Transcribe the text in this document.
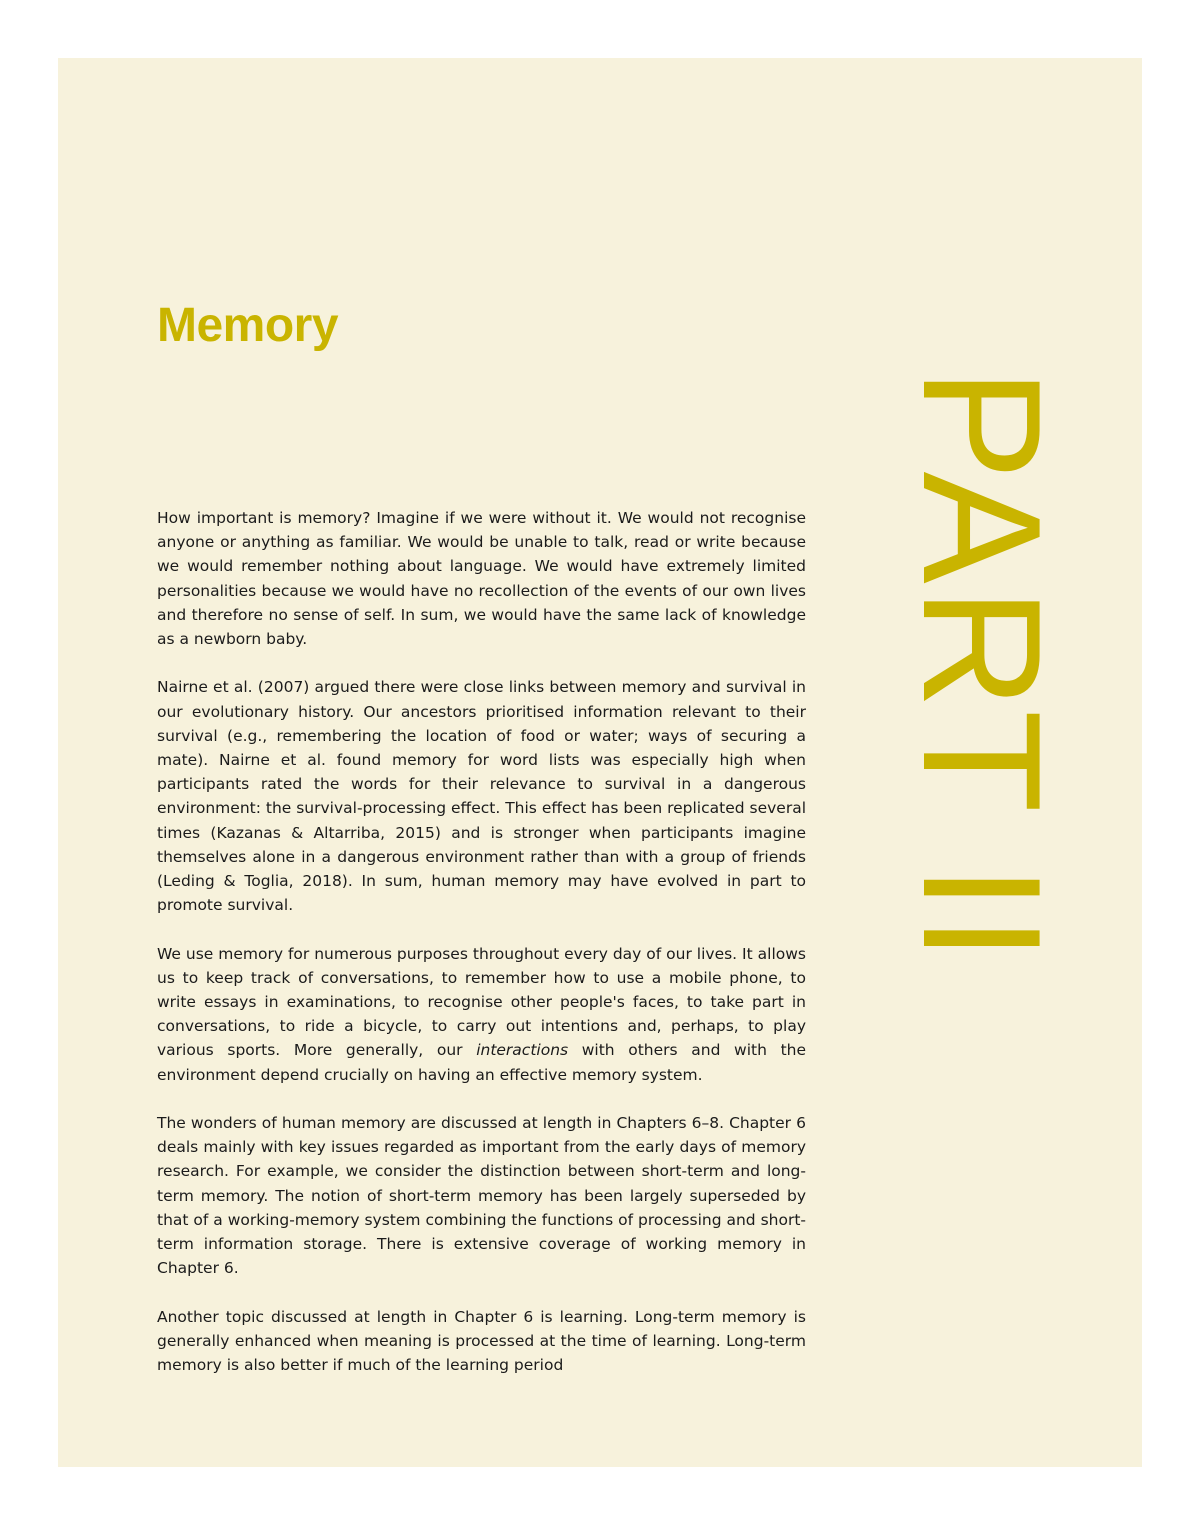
Memory
PART II

How important is memory? Imagine if we were without it. We would not recognise anyone or anything as familiar. We would be unable to talk, read or write because we would remember nothing about language. We would have extremely limited personalities because we would have no recollection of the events of our own lives and therefore no sense of self. In sum, we would have the same lack of knowledge as a newborn baby.

Nairne et al. (2007) argued there were close links between memory and survival in our evolutionary history. Our ancestors prioritised information relevant to their survival (e.g., remembering the location of food or water; ways of securing a mate). Nairne et al. found memory for word lists was especially high when participants rated the words for their relevance to survival in a dangerous environment: the survival-processing effect. This effect has been replicated several times (Kazanas & Altarriba, 2015) and is stronger when participants imagine themselves alone in a dangerous environment rather than with a group of friends (Leding & Toglia, 2018). In sum, human memory may have evolved in part to promote survival.

We use memory for numerous purposes throughout every day of our lives. It allows us to keep track of conversations, to remember how to use a mobile phone, to write essays in examinations, to recognise other people's faces, to take part in conversations, to ride a bicycle, to carry out intentions and, perhaps, to play various sports. More generally, our interactions with others and with the environment depend crucially on having an effective memory system.

The wonders of human memory are discussed at length in Chapters 6–8. Chapter 6 deals mainly with key issues regarded as important from the early days of memory research. For example, we consider the distinction between short-term and long-term memory. The notion of short-term memory has been largely superseded by that of a working-memory system combining the functions of processing and short-term information storage. There is extensive coverage of working memory in Chapter 6.

Another topic discussed at length in Chapter 6 is learning. Long-term memory is generally enhanced when meaning is processed at the time of learning. Long-term memory is also better if much of the learning period
